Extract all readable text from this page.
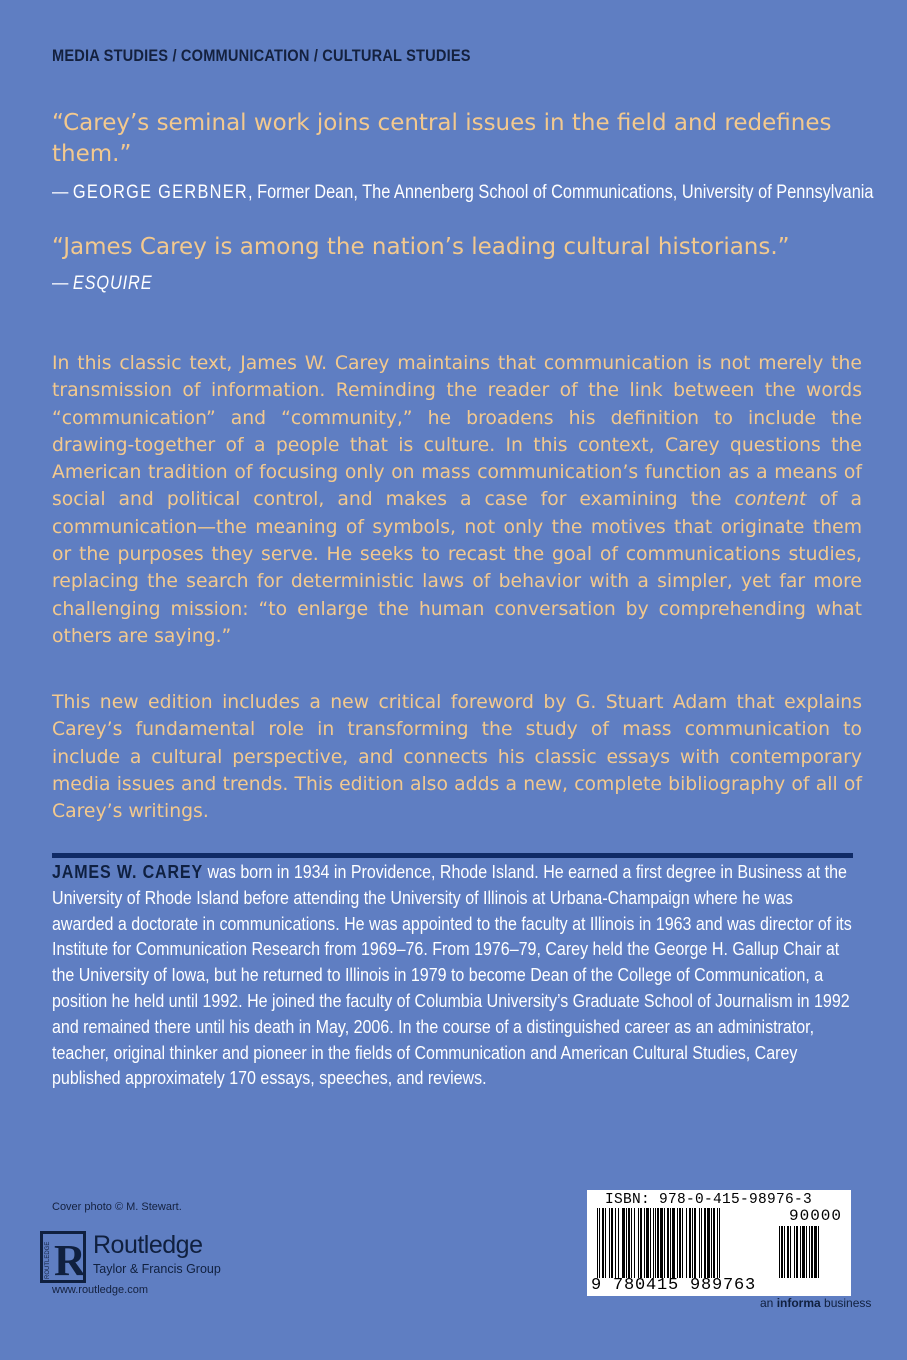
MEDIA STUDIES / COMMUNICATION / CULTURAL STUDIES
“Carey’s seminal work joins central issues in the field and redefines them.”
— GEORGE GERBNER, Former Dean, The Annenberg School of Communications, University of Pennsylvania
“James Carey is among the nation’s leading cultural historians.”
— ESQUIRE
In this classic text, James W. Carey maintains that communication is not merely the transmission of information. Reminding the reader of the link between the words “communication” and “community,” he broadens his definition to include the drawing-together of a people that is culture. In this context, Carey questions the American tradition of focusing only on mass communication’s function as a means of social and political control, and makes a case for examining the content of a communication—the meaning of symbols, not only the motives that originate them or the purposes they serve. He seeks to recast the goal of communications studies, replacing the search for deterministic laws of behavior with a simpler, yet far more challenging mission: “to enlarge the human conversation by comprehending what others are saying.”
This new edition includes a new critical foreword by G. Stuart Adam that explains Carey’s fundamental role in transforming the study of mass communication to include a cultural perspective, and connects his classic essays with contemporary media issues and trends. This edition also adds a new, complete bibliography of all of Carey’s writings.
JAMES W. CAREY was born in 1934 in Providence, Rhode Island. He earned a first degree in Business at the University of Rhode Island before attending the University of Illinois at Urbana-Champaign where he was awarded a doctorate in communications. He was appointed to the faculty at Illinois in 1963 and was director of its Institute for Communication Research from 1969–76. From 1976–79, Carey held the George H. Gallup Chair at the University of Iowa, but he returned to Illinois in 1979 to become Dean of the College of Communication, a position he held until 1992. He joined the faculty of Columbia University’s Graduate School of Journalism in 1992 and remained there until his death in May, 2006. In the course of a distinguished career as an administrator, teacher, original thinker and pioneer in the fields of Communication and American Cultural Studies, Carey published approximately 170 essays, speeches, and reviews.
Cover photo © M. Stewart.
ROUTLEDGE R Routledge
Taylor & Francis Group
www.routledge.com
ISBN: 978-0-415-98976-3
90000
9 780415 989763
an informa business
